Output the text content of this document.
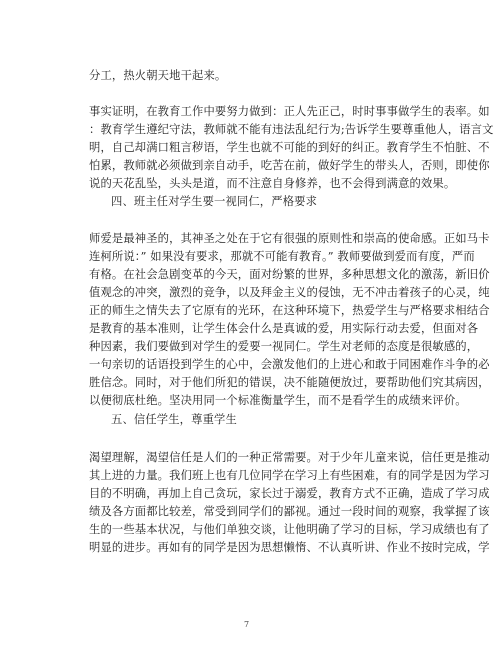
分工，热火朝天地干起来。
事实证明，在教育工作中要努力做到：正人先正己，时时事事做学生的表率。如
：教育学生遵纪守法，教师就不能有违法乱纪行为;告诉学生要尊重他人，语言文
明，自己却满口粗言秽语，学生也就不可能的到好的纠正。教育学生不怕脏、不
怕累，教师就必须做到亲自动手，吃苦在前，做好学生的带头人，否则，即使你
说的天花乱坠，头头是道，而不注意自身修养，也不会得到满意的效果。
四、班主任对学生要一视同仁，严格要求
师爱是最神圣的，其神圣之处在于它有很强的原则性和崇高的使命感。正如马卡
连柯所说：” 如果没有要求，那就不可能有教育。” 教师要做到爱而有度，严而
有格。在社会急剧变革的今天，面对纷繁的世界，多种思想文化的激荡，新旧价
值观念的冲突，激烈的竞争，以及拜金主义的侵蚀，无不冲击着孩子的心灵，纯
正的师生之情失去了它原有的光环，在这种环境下，热爱学生与严格要求相结合
是教育的基本准则，让学生体会什么是真诚的爱，用实际行动去爱，但面对各
种因素，我们要做到对学生的爱要一视同仁。学生对老师的态度是很敏感的，
一句亲切的话语投到学生的心中，会激发他们的上进心和敢于同困难作斗争的必
胜信念。同时，对于他们所犯的错误，决不能随便放过，要帮助他们究其病因，
以便彻底杜绝。坚决用同一个标准衡量学生，而不是看学生的成绩来评价。
五、信任学生，尊重学生
渴望理解，渴望信任是人们的一种正常需要。对于少年儿童来说，信任更是推动
其上进的力量。我们班上也有几位同学在学习上有些困难，有的同学是因为学习
目的不明确，再加上自己贪玩，家长过于溺爱，教育方式不正确，造成了学习成
绩及各方面都比较差，常受到同学们的鄙视。通过一段时间的观察，我掌握了该
生的一些基本状况，与他们单独交谈，让他明确了学习的目标，学习成绩也有了
明显的进步。再如有的同学是因为思想懒惰、不认真听讲、作业不按时完成，学
7
